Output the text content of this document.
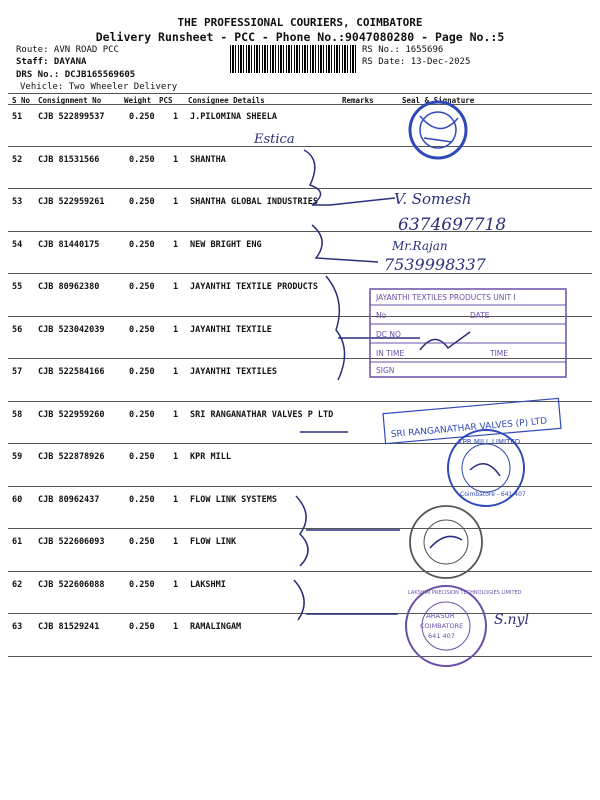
THE PROFESSIONAL COURIERS, COIMBATORE
Delivery Runsheet - PCC - Phone No.:9047080280 - Page No.:5
Route: AVN ROAD PCC
Staff: DAYANA
DRS No.: DCJB165569605
Vehicle: Two Wheeler Delivery
RS No.: 1655696
RS Date: 13-Dec-2025
S No Consignment No	Weight PCS Consignee Details	Remarks	Seal & Signature
51 CJB 522899537	0.250 1 J.PILOMINA SHEELA
52 CJB 81531566	0.250 1 SHANTHA
53 CJB 522959261	0.250 1 SHANTHA GLOBAL INDUSTRIES
54 CJB 81440175	0.250 1 NEW BRIGHT ENG
55 CJB 80962380	0.250 1 JAYANTHI TEXTILE PRODUCTS
56 CJB 523042039	0.250 1 JAYANTHI TEXTILE
57 CJB 522584166	0.250 1 JAYANTHI TEXTILES
58 CJB 522959260	0.250 1 SRI RANGANATHAR VALVES P LTD
59 CJB 522878926	0.250 1 KPR MILL
60 CJB 80962437	0.250 1 FLOW LINK SYSTEMS
61 CJB 522606093	0.250 1 FLOW LINK
62 CJB 522606088	0.250 1 LAKSHMI
63 CJB 81529241	0.250 1 RAMALINGAM
Estica
V. Somesh
6374697718
Mr.Rajan
7539998337
JAYANTHI TEXTILES PRODUCTS UNIT I
No	DATE
DC NO
IN TIME	TIME
SIGN
SRI RANGANATHAR VALVES (P) LTD
KPR MILL LIMITED
Coimbatore - 641 407
ARASUR
COIMBATORE
641 407
LAKSHMI PRECISION TECHNOLOGIES LIMITED
S.nyl
